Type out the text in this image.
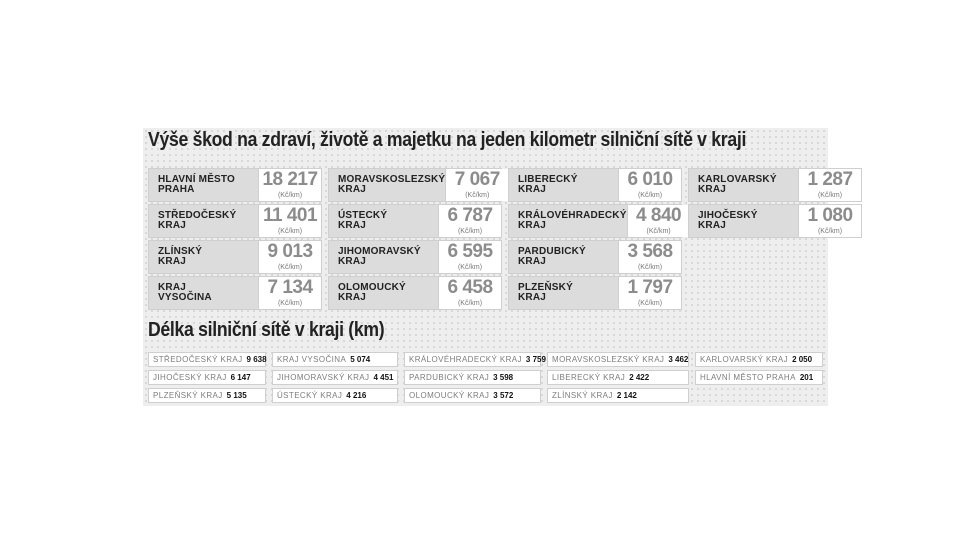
Výše škod na zdraví, životě a majetku na jeden kilometr silniční sítě v kraji
HLAVNÍ MĚSTO
PRAHA	18 217
(Kč/km)
STŘEDOČESKÝ
KRAJ	11 401
(Kč/km)
ZLÍNSKÝ
KRAJ	9 013
(Kč/km)
KRAJ
VYSOČINA	7 134
(Kč/km)
MORAVSKOSLEZSKÝ
KRAJ	7 067
(Kč/km)
ÚSTECKÝ
KRAJ	6 787
(Kč/km)
JIHOMORAVSKÝ
KRAJ	6 595
(Kč/km)
OLOMOUCKÝ
KRAJ	6 458
(Kč/km)
LIBERECKÝ
KRAJ	6 010
(Kč/km)
KRÁLOVÉHRADECKÝ
KRAJ	4 840
(Kč/km)
PARDUBICKÝ
KRAJ	3 568
(Kč/km)
PLZEŇSKÝ
KRAJ	1 797
(Kč/km)
KARLOVARSKÝ
KRAJ	1 287
(Kč/km)
JIHOČESKÝ
KRAJ	1 080
(Kč/km)
Délka silniční sítě v kraji (km)
STŘEDOČESKÝ KRAJ 9 638
JIHOČESKÝ KRAJ 6 147
PLZEŇSKÝ KRAJ 5 135
KRAJ VYSOČINA 5 074
JIHOMORAVSKÝ KRAJ 4 451
ÚSTECKÝ KRAJ 4 216
KRÁLOVÉHRADECKÝ KRAJ 3 759
PARDUBICKÝ KRAJ 3 598
OLOMOUCKÝ KRAJ 3 572
MORAVSKOSLEZSKÝ KRAJ 3 462
LIBERECKÝ KRAJ 2 422
ZLÍNSKÝ KRAJ 2 142
KARLOVARSKÝ KRAJ 2 050
HLAVNÍ MĚSTO PRAHA 201
